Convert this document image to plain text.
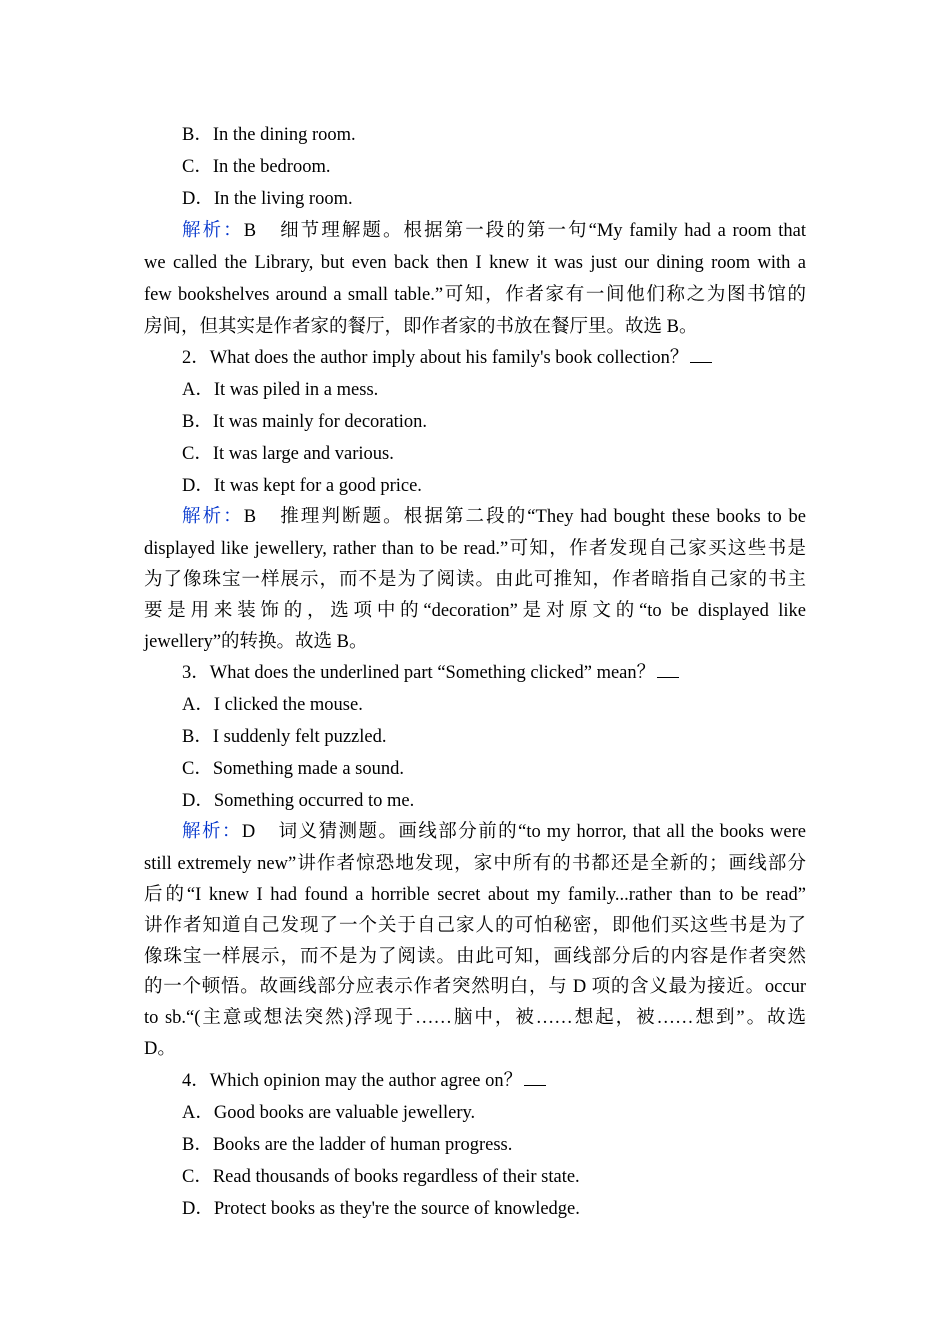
B．In the dining room.
C．In the bedroom.
D．In the living room.
解析：B 细节理解题。根据第一段的第一句“My family had a room that
we called the Library, but even back then I knew it was just our dining room with a
few bookshelves around a small table.”可知，作者家有一间他们称之为图书馆的
房间，但其实是作者家的餐厅，即作者家的书放在餐厅里。故选 B。
2．What does the author imply about his family's book collection？
A．It was piled in a mess.
B．It was mainly for decoration.
C．It was large and various.
D．It was kept for a good price.
解析：B 推理判断题。根据第二段的“They had bought these books to be
displayed like jewellery, rather than to be read.”可知，作者发现自己家买这些书是
为了像珠宝一样展示，而不是为了阅读。由此可推知，作者暗指自己家的书主
要是用来装饰的，选项中的“decoration”是对原文的“to be displayed like
jewellery”的转换。故选 B。
3．What does the underlined part “Something clicked” mean？
A．I clicked the mouse.
B．I suddenly felt puzzled.
C．Something made a sound.
D．Something occurred to me.
解析：D 词义猜测题。画线部分前的“to my horror, that all the books were
still extremely new”讲作者惊恐地发现，家中所有的书都还是全新的；画线部分
后的“I knew I had found a horrible secret about my family...rather than to be read”
讲作者知道自己发现了一个关于自己家人的可怕秘密，即他们买这些书是为了
像珠宝一样展示，而不是为了阅读。由此可知，画线部分后的内容是作者突然
的一个顿悟。故画线部分应表示作者突然明白，与 D 项的含义最为接近。occur
to sb.“(主意或想法突然)浮现于……脑中，被……想起，被……想到”。故选
D。
4．Which opinion may the author agree on？
A．Good books are valuable jewellery.
B．Books are the ladder of human progress.
C．Read thousands of books regardless of their state.
D．Protect books as they're the source of knowledge.
